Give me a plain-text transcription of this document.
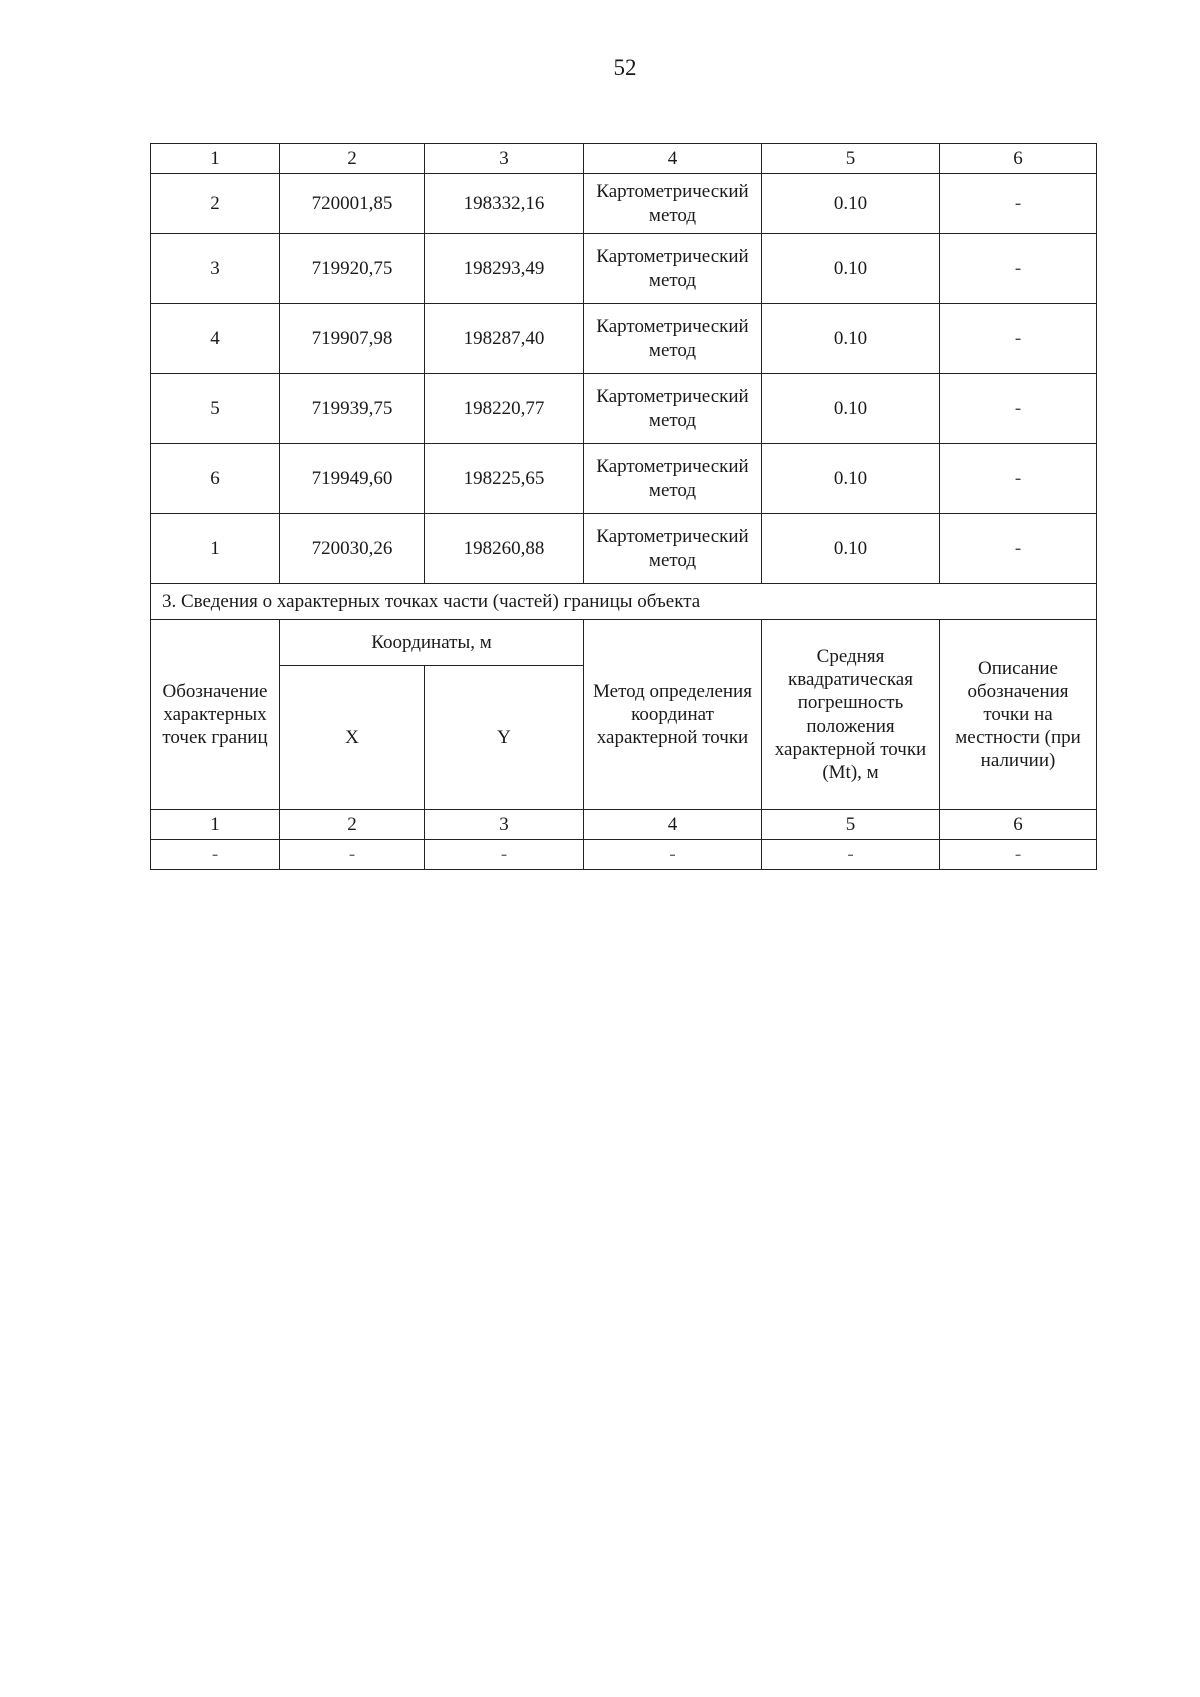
52
1	2	3	4	5	6
2	720001,85	198332,16	Картометрический метод	0.10	-
3	719920,75	198293,49	Картометрический метод	0.10	-
4	719907,98	198287,40	Картометрический метод	0.10	-
5	719939,75	198220,77	Картометрический метод	0.10	-
6	719949,60	198225,65	Картометрический метод	0.10	-
1	720030,26	198260,88	Картометрический метод	0.10	-
3. Сведения о характерных точках части (частей) границы объекта					
Обозначение характерных точек границ	Координаты, м		Метод определения координат характерной точки	Средняя квадратическая погрешность положения характерной точки (Mt), м	Описание обозначения точки на местности (при наличии)
	X	Y			
1	2	3	4	5	6
-	-	-	-	-	-
